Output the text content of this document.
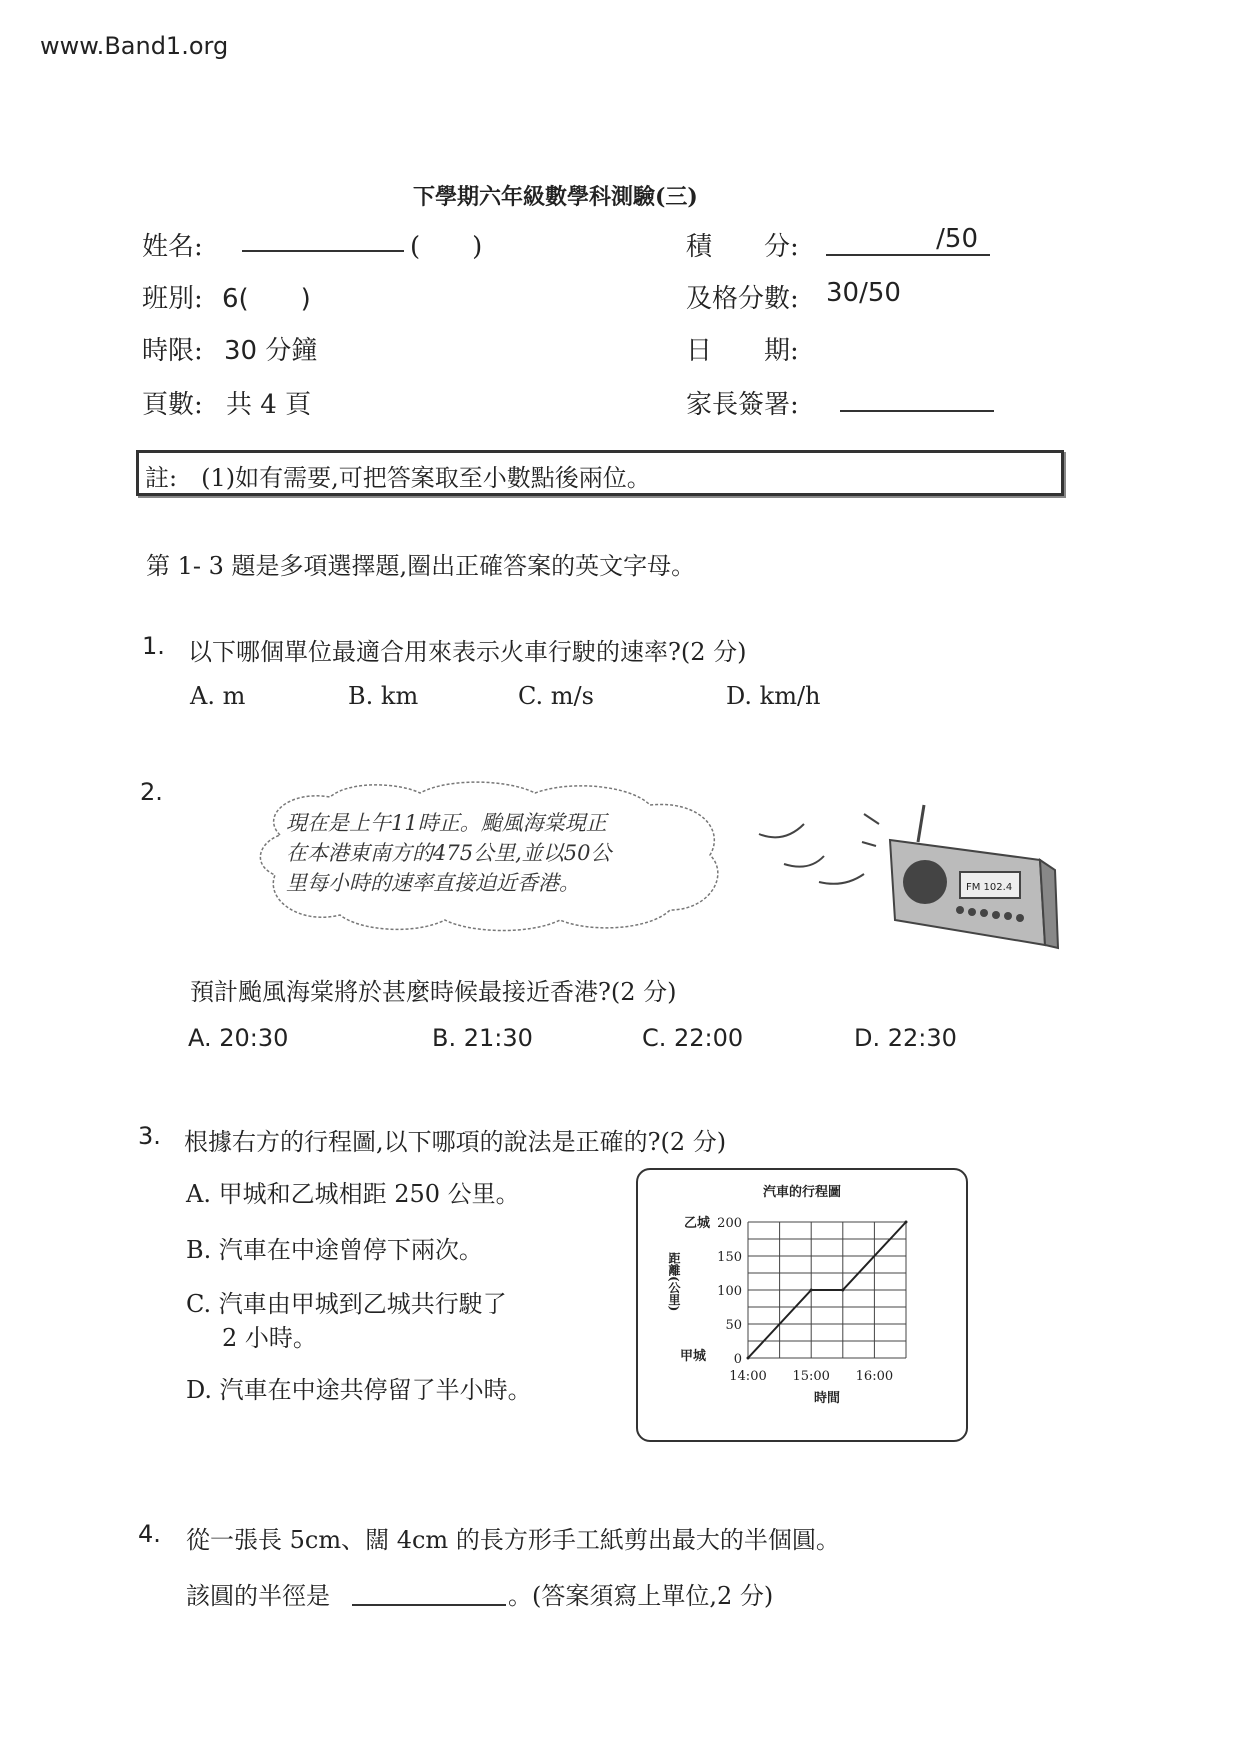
www.Band1.org
下學期六年級數學科測驗(三)
姓名:	(　　)	積　　分:	/50
班別: 6(　　)	及格分數: 30/50
時限: 30 分鐘	日　　期:
頁數: 共 4 頁	家長簽署:
註:　(1)如有需要,可把答案取至小數點後兩位。
第 1- 3 題是多項選擇題,圈出正確答案的英文字母。
1. 以下哪個單位最適合用來表示火車行駛的速率?(2 分)
A. m	B. km	C. m/s	D. km/h
2.
現在是上午11時正。颱風海棠現正
在本港東南方的475公里,並以50公
里每小時的速率直接迫近香港。	FM 102.4
預計颱風海棠將於甚麼時候最接近香港?(2 分)
A. 20:30	B. 21:30	C. 22:00	D. 22:30
3. 根據右方的行程圖,以下哪項的說法是正確的?(2 分)
A. 甲城和乙城相距 250 公里。
B. 汽車在中途曾停下兩次。
C. 汽車由甲城到乙城共行駛了
2 小時。
D. 汽車在中途共停留了半小時。
汽車的行程圖
0
50
100
150
200
14:00 15:00 16:00
乙城
甲城
距離(公里)
時間
4. 從一張長 5cm、闊 4cm 的長方形手工紙剪出最大的半個圓。
該圓的半徑是	。(答案須寫上單位,2 分)
